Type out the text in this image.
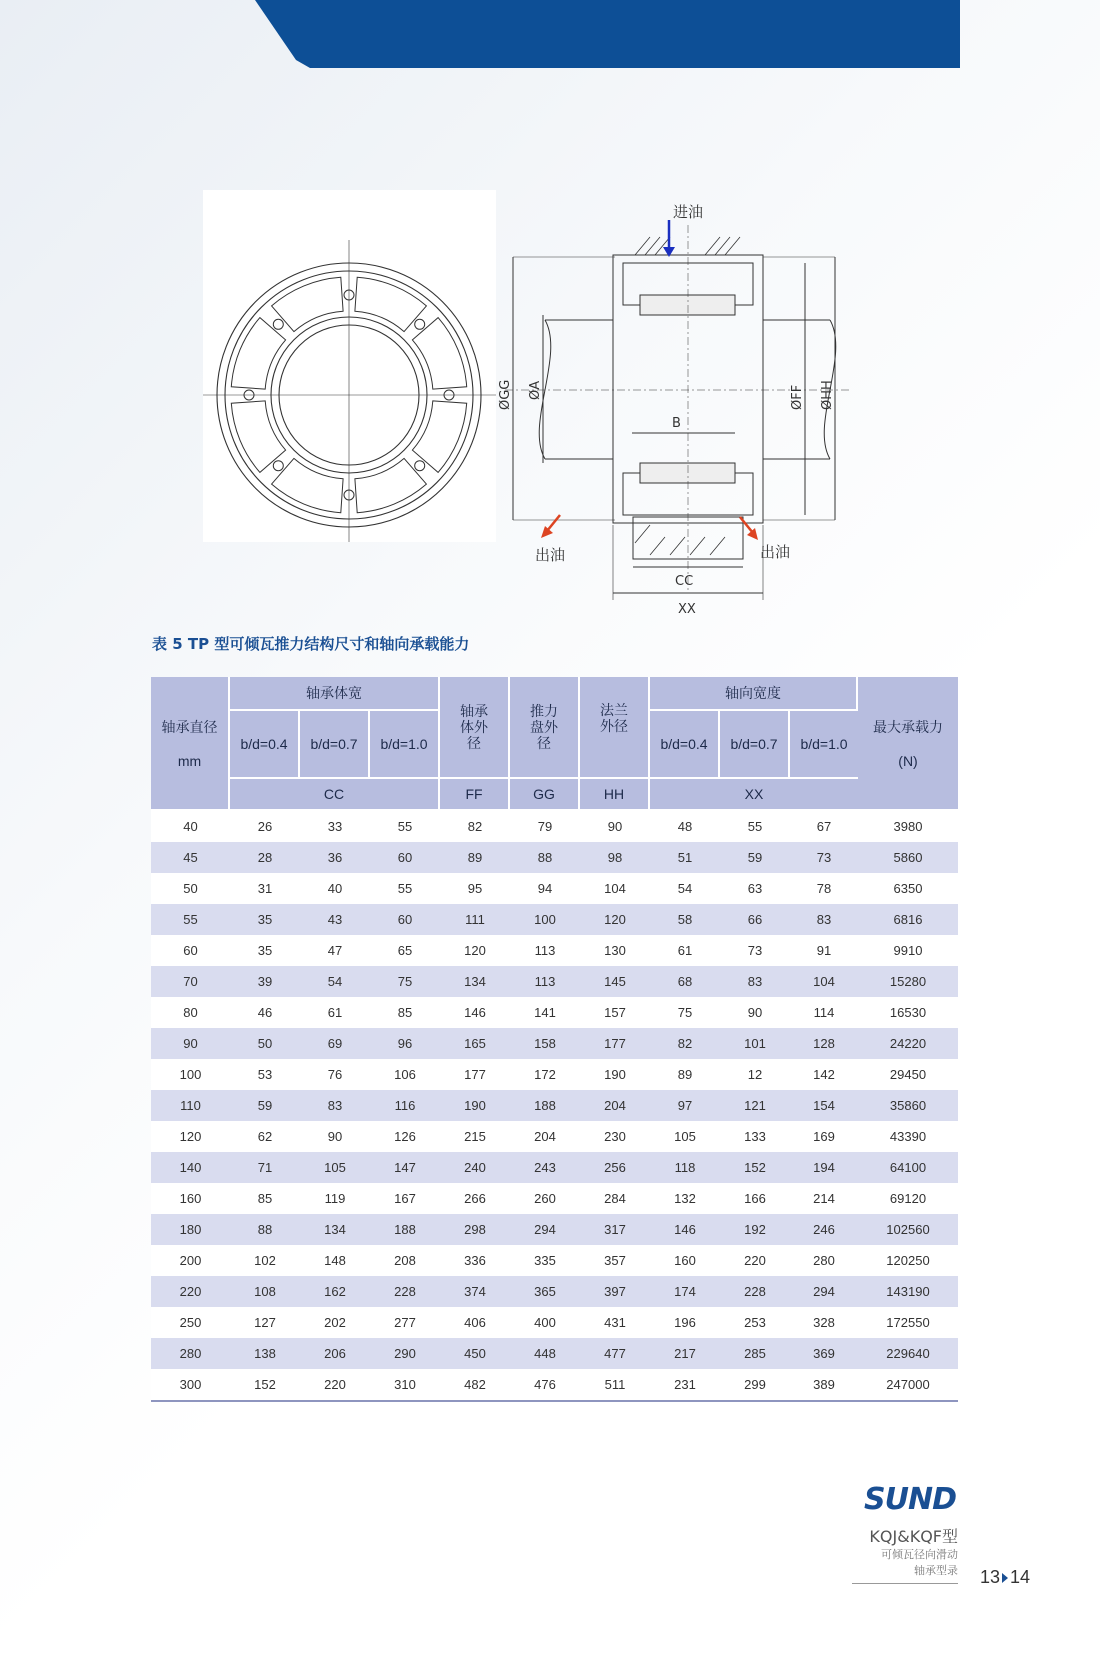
进油
出油	出油
ØGG ØA	ØFF ØHH
B
CC
XX
表 5 TP 型可倾瓦推力结构尺寸和轴向承载能力
轴承直径

mm	轴承体宽			轴承体外径	推力盘外径	法兰外径	轴向宽度			最大承载力

(N)
	b/d=0.4	b/d=0.7	b/d=1.0				b/d=0.4	b/d=0.7	b/d=1.0	
	CC			FF	GG	HH	XX			
40	26	33	55	82	79	90	48	55	67	3980
45	28	36	60	89	88	98	51	59	73	5860
50	31	40	55	95	94	104	54	63	78	6350
55	35	43	60	111	100	120	58	66	83	6816
60	35	47	65	120	113	130	61	73	91	9910
70	39	54	75	134	113	145	68	83	104	15280
80	46	61	85	146	141	157	75	90	114	16530
90	50	69	96	165	158	177	82	101	128	24220
100	53	76	106	177	172	190	89	12	142	29450
110	59	83	116	190	188	204	97	121	154	35860
120	62	90	126	215	204	230	105	133	169	43390
140	71	105	147	240	243	256	118	152	194	64100
160	85	119	167	266	260	284	132	166	214	69120
180	88	134	188	298	294	317	146	192	246	102560
200	102	148	208	336	335	357	160	220	280	120250
220	108	162	228	374	365	397	174	228	294	143190
250	127	202	277	406	400	431	196	253	328	172550
280	138	206	290	450	448	477	217	285	369	229640
300	152	220	310	482	476	511	231	299	389	247000
SUND
KQJ&KQF型
可倾瓦径向滑动
轴承型录 13 14
